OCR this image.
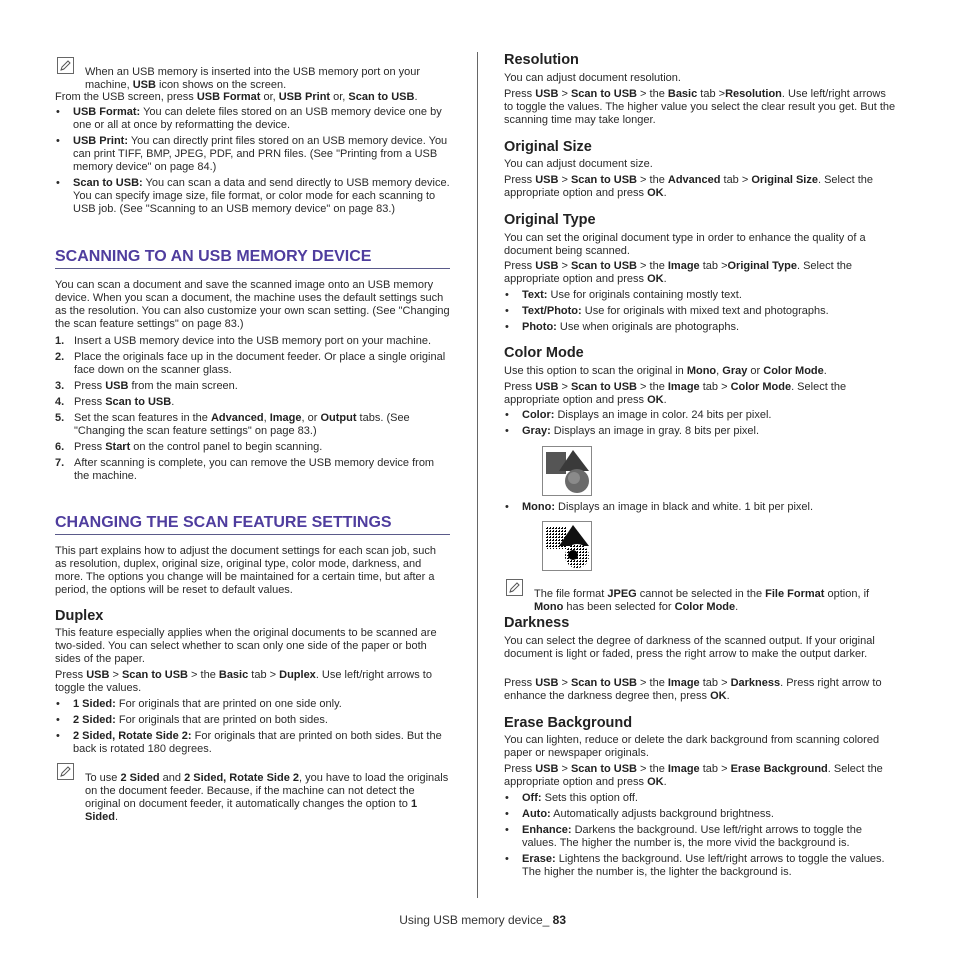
When an USB memory is inserted into the USB memory port on your machine, USB icon shows on the screen.

From the USB screen, press USB Format or, USB Print or, Scan to USB.

• USB Format: You can delete files stored on an USB memory device one by one or all at once by reformatting the device.
• USB Print: You can directly print files stored on an USB memory device. You can print TIFF, BMP, JPEG, PDF, and PRN files. (See "Printing from a USB memory device" on page 84.)
• Scan to USB: You can scan a data and send directly to USB memory device. You can specify image size, file format, or color mode for each scanning to USB job. (See "Scanning to an USB memory device" on page 83.)
SCANNING TO AN USB MEMORY DEVICE

You can scan a document and save the scanned image onto an USB memory device. When you scan a document, the machine uses the default settings such as the resolution. You can also customize your own scan setting. (See "Changing the scan feature settings" on page 83.)

1. Insert a USB memory device into the USB memory port on your machine.
2. Place the originals face up in the document feeder. Or place a single original face down on the scanner glass.
3. Press USB from the main screen.
4. Press Scan to USB.
5. Set the scan features in the Advanced, Image, or Output tabs. (See "Changing the scan feature settings" on page 83.)
6. Press Start on the control panel to begin scanning.
7. After scanning is complete, you can remove the USB memory device from the machine.
CHANGING THE SCAN FEATURE SETTINGS

This part explains how to adjust the document settings for each scan job, such as resolution, duplex, original size, original type, color mode, darkness, and more. The options you change will be maintained for a certain time, but after a period, the options will be reset to default values.

Duplex

This feature especially applies when the original documents to be scanned are two-sided. You can select whether to scan only one side of the paper or both sides of the paper.

Press USB > Scan to USB > the Basic tab > Duplex. Use left/right arrows to toggle the values.

• 1 Sided: For originals that are printed on one side only.
• 2 Sided: For originals that are printed on both sides.
• 2 Sided, Rotate Side 2: For originals that are printed on both sides. But the back is rotated 180 degrees.

To use 2 Sided and 2 Sided, Rotate Side 2, you have to load the originals on the document feeder. Because, if the machine can not detect the original on document feeder, it automatically changes the option to 1 Sided.

Resolution

You can adjust document resolution.

Press USB > Scan to USB > the Basic tab >Resolution. Use left/right arrows to toggle the values. The higher value you select the clear result you get. But the scanning time may take longer.

Original Size

You can adjust document size.

Press USB > Scan to USB > the Advanced tab > Original Size. Select the appropriate option and press OK.

Original Type

You can set the original document type in order to enhance the quality of a document being scanned.

Press USB > Scan to USB > the Image tab >Original Type. Select the appropriate option and press OK.

• Text: Use for originals containing mostly text.
• Text/Photo: Use for originals with mixed text and photographs.
• Photo: Use when originals are photographs.
Color Mode

Use this option to scan the original in Mono, Gray or Color Mode.

Press USB > Scan to USB > the Image tab > Color Mode. Select the appropriate option and press OK.

• Color: Displays an image in color. 24 bits per pixel.
• Gray: Displays an image in gray. 8 bits per pixel.
• Mono: Displays an image in black and white. 1 bit per pixel.

The file format JPEG cannot be selected in the File Format option, if Mono has been selected for Color Mode.

Darkness

You can select the degree of darkness of the scanned output. If your original document is light or faded, press the right arrow to make the output darker.

Press USB > Scan to USB > the Image tab > Darkness. Press right arrow to enhance the darkness degree then, press OK.

Erase Background

You can lighten, reduce or delete the dark background from scanning colored paper or newspaper originals.

Press USB > Scan to USB > the Image tab > Erase Background. Select the appropriate option and press OK.

• Off: Sets this option off.
• Auto: Automatically adjusts background brightness.
• Enhance: Darkens the background. Use left/right arrows to toggle the values. The higher the number is, the more vivid the background is.
• Erase: Lightens the background. Use left/right arrows to toggle the values. The higher the number is, the lighter the background is.
Using USB memory device_ 83
